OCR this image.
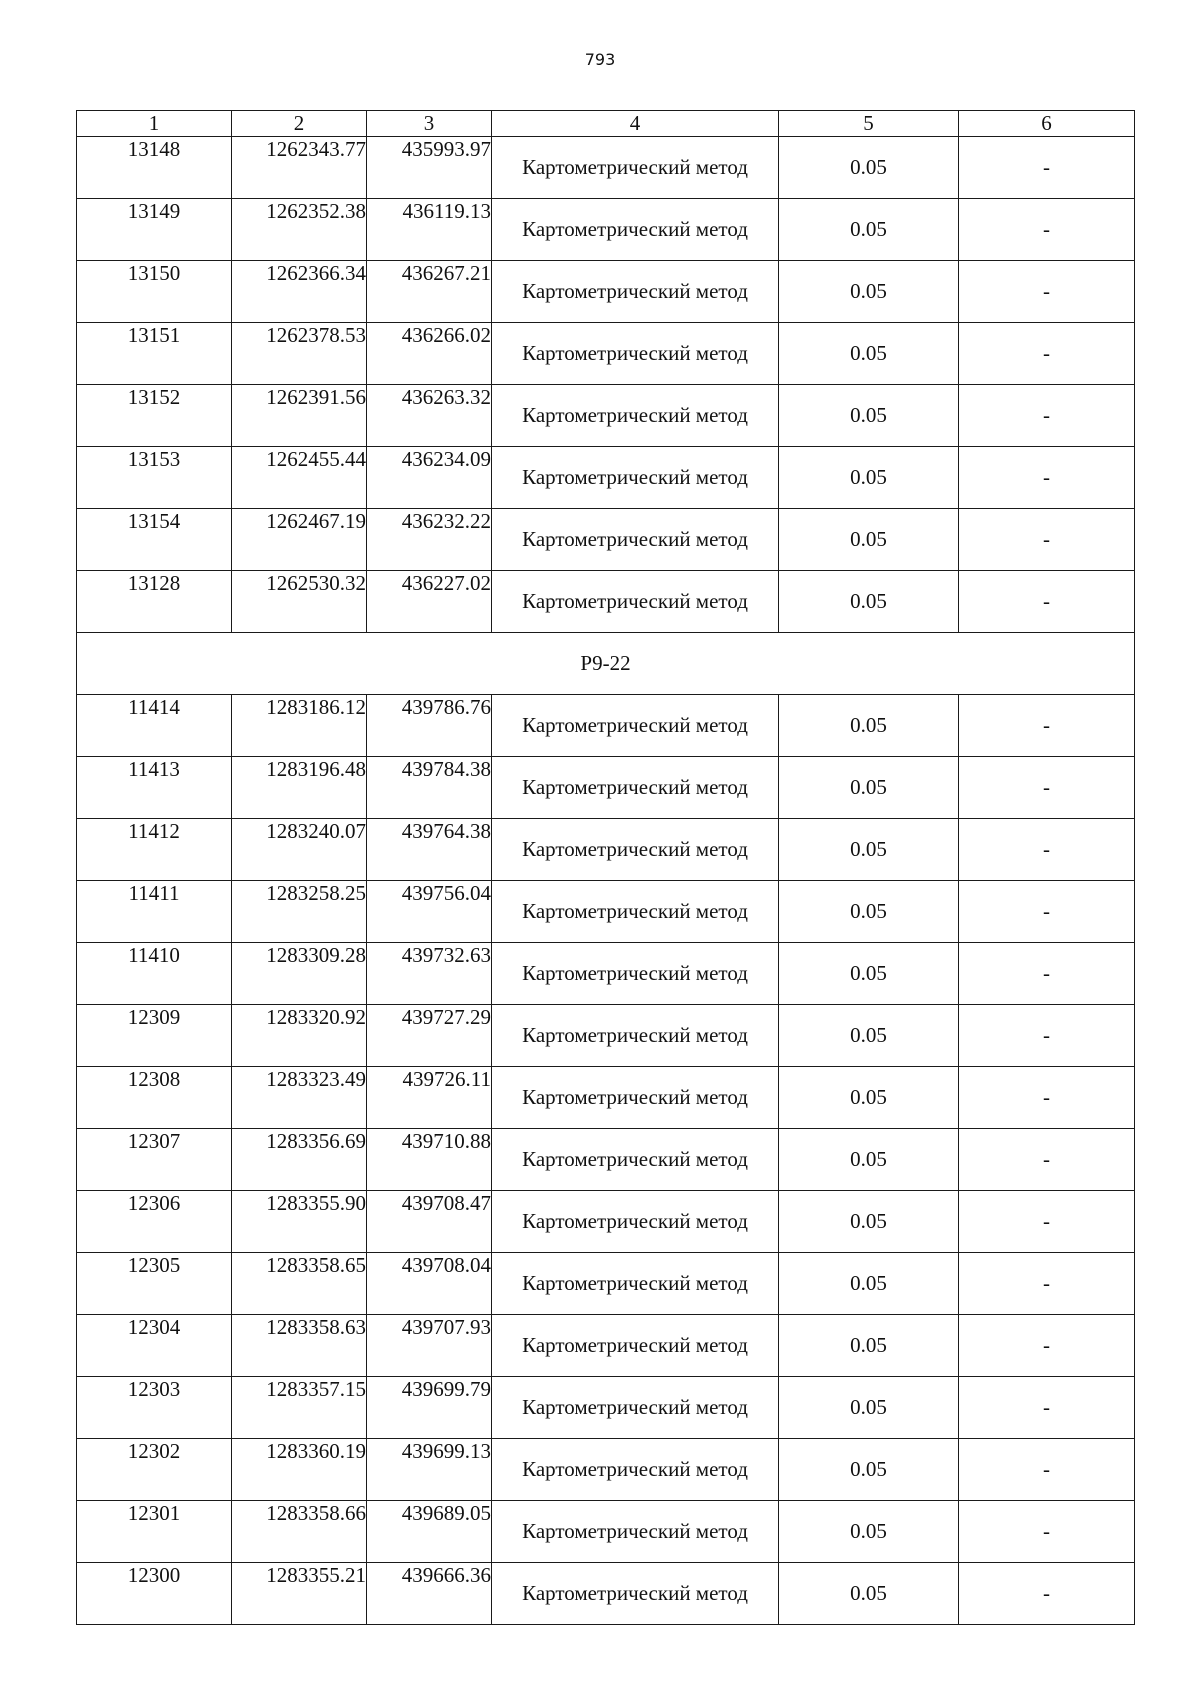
793
1	2	3	4	5	6
13148	1262343.77	435993.97	Картометрический метод	0.05	-
13149	1262352.38	436119.13	Картометрический метод	0.05	-
13150	1262366.34	436267.21	Картометрический метод	0.05	-
13151	1262378.53	436266.02	Картометрический метод	0.05	-
13152	1262391.56	436263.32	Картометрический метод	0.05	-
13153	1262455.44	436234.09	Картометрический метод	0.05	-
13154	1262467.19	436232.22	Картометрический метод	0.05	-
13128	1262530.32	436227.02	Картометрический метод	0.05	-
Р9-22					
11414	1283186.12	439786.76	Картометрический метод	0.05	-
11413	1283196.48	439784.38	Картометрический метод	0.05	-
11412	1283240.07	439764.38	Картометрический метод	0.05	-
11411	1283258.25	439756.04	Картометрический метод	0.05	-
11410	1283309.28	439732.63	Картометрический метод	0.05	-
12309	1283320.92	439727.29	Картометрический метод	0.05	-
12308	1283323.49	439726.11	Картометрический метод	0.05	-
12307	1283356.69	439710.88	Картометрический метод	0.05	-
12306	1283355.90	439708.47	Картометрический метод	0.05	-
12305	1283358.65	439708.04	Картометрический метод	0.05	-
12304	1283358.63	439707.93	Картометрический метод	0.05	-
12303	1283357.15	439699.79	Картометрический метод	0.05	-
12302	1283360.19	439699.13	Картометрический метод	0.05	-
12301	1283358.66	439689.05	Картометрический метод	0.05	-
12300	1283355.21	439666.36	Картометрический метод	0.05	-
